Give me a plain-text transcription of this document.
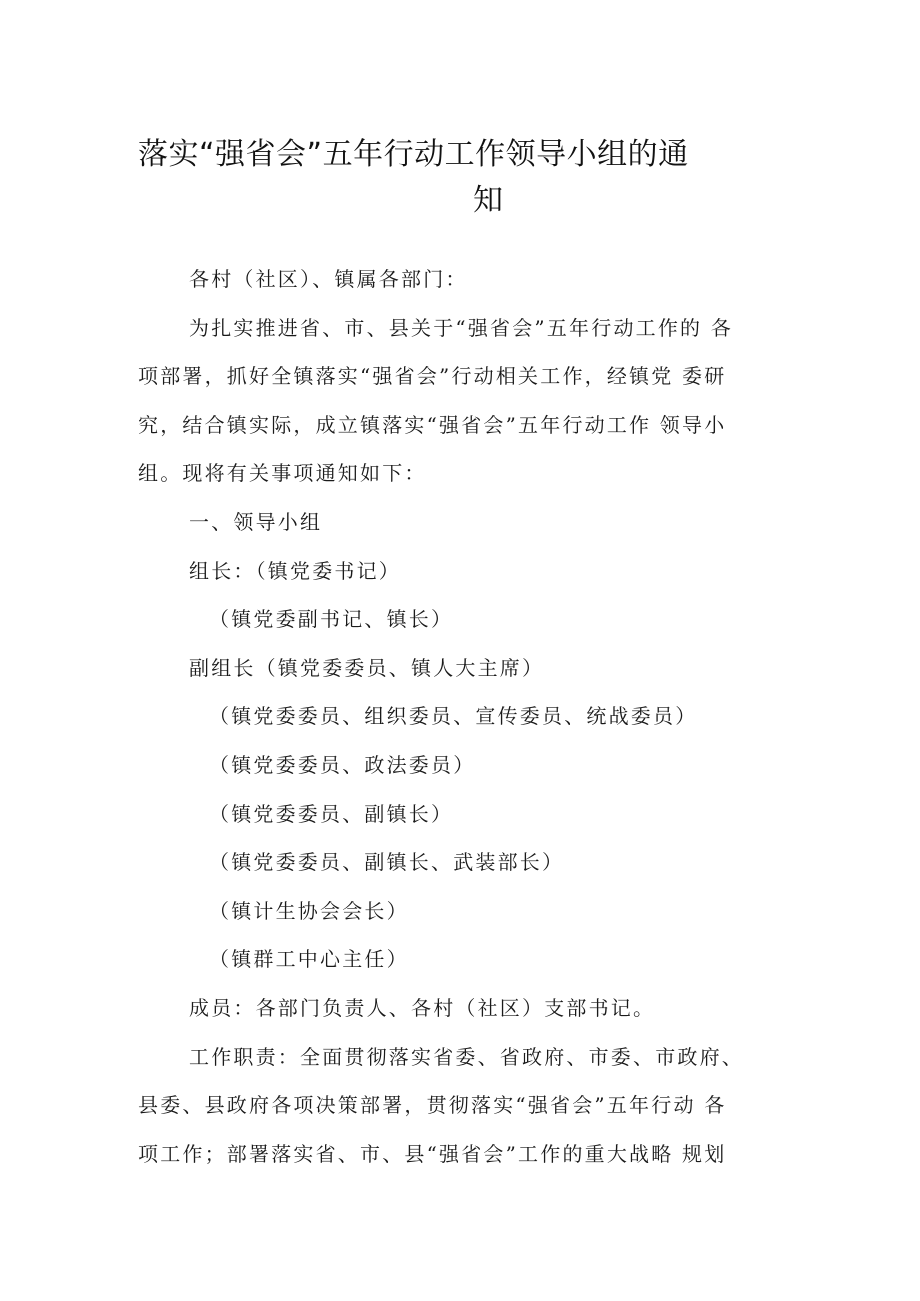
落实“强省会”五年行动工作领导小组的通
知

各村（社区）、镇属各部门：

为扎实推进省、市、县关于“强省会”五年行动工作的 各

项部署，抓好全镇落实“强省会”行动相关工作，经镇党 委研

究，结合镇实际，成立镇落实“强省会”五年行动工作 领导小

组。现将有关事项通知如下：

一、领导小组

组长：（镇党委书记）

（镇党委副书记、镇长）

副组长（镇党委委员、镇人大主席）

（镇党委委员、组织委员、宣传委员、统战委员）

（镇党委委员、政法委员）

（镇党委委员、副镇长）

（镇党委委员、副镇长、武装部长）

（镇计生协会会长）

（镇群工中心主任）

成员：各部门负责人、各村（社区）支部书记。

工作职责：全面贯彻落实省委、省政府、市委、市政府、

县委、县政府各项决策部署，贯彻落实“强省会”五年行动 各

项工作；部署落实省、市、县“强省会”工作的重大战略 规划
